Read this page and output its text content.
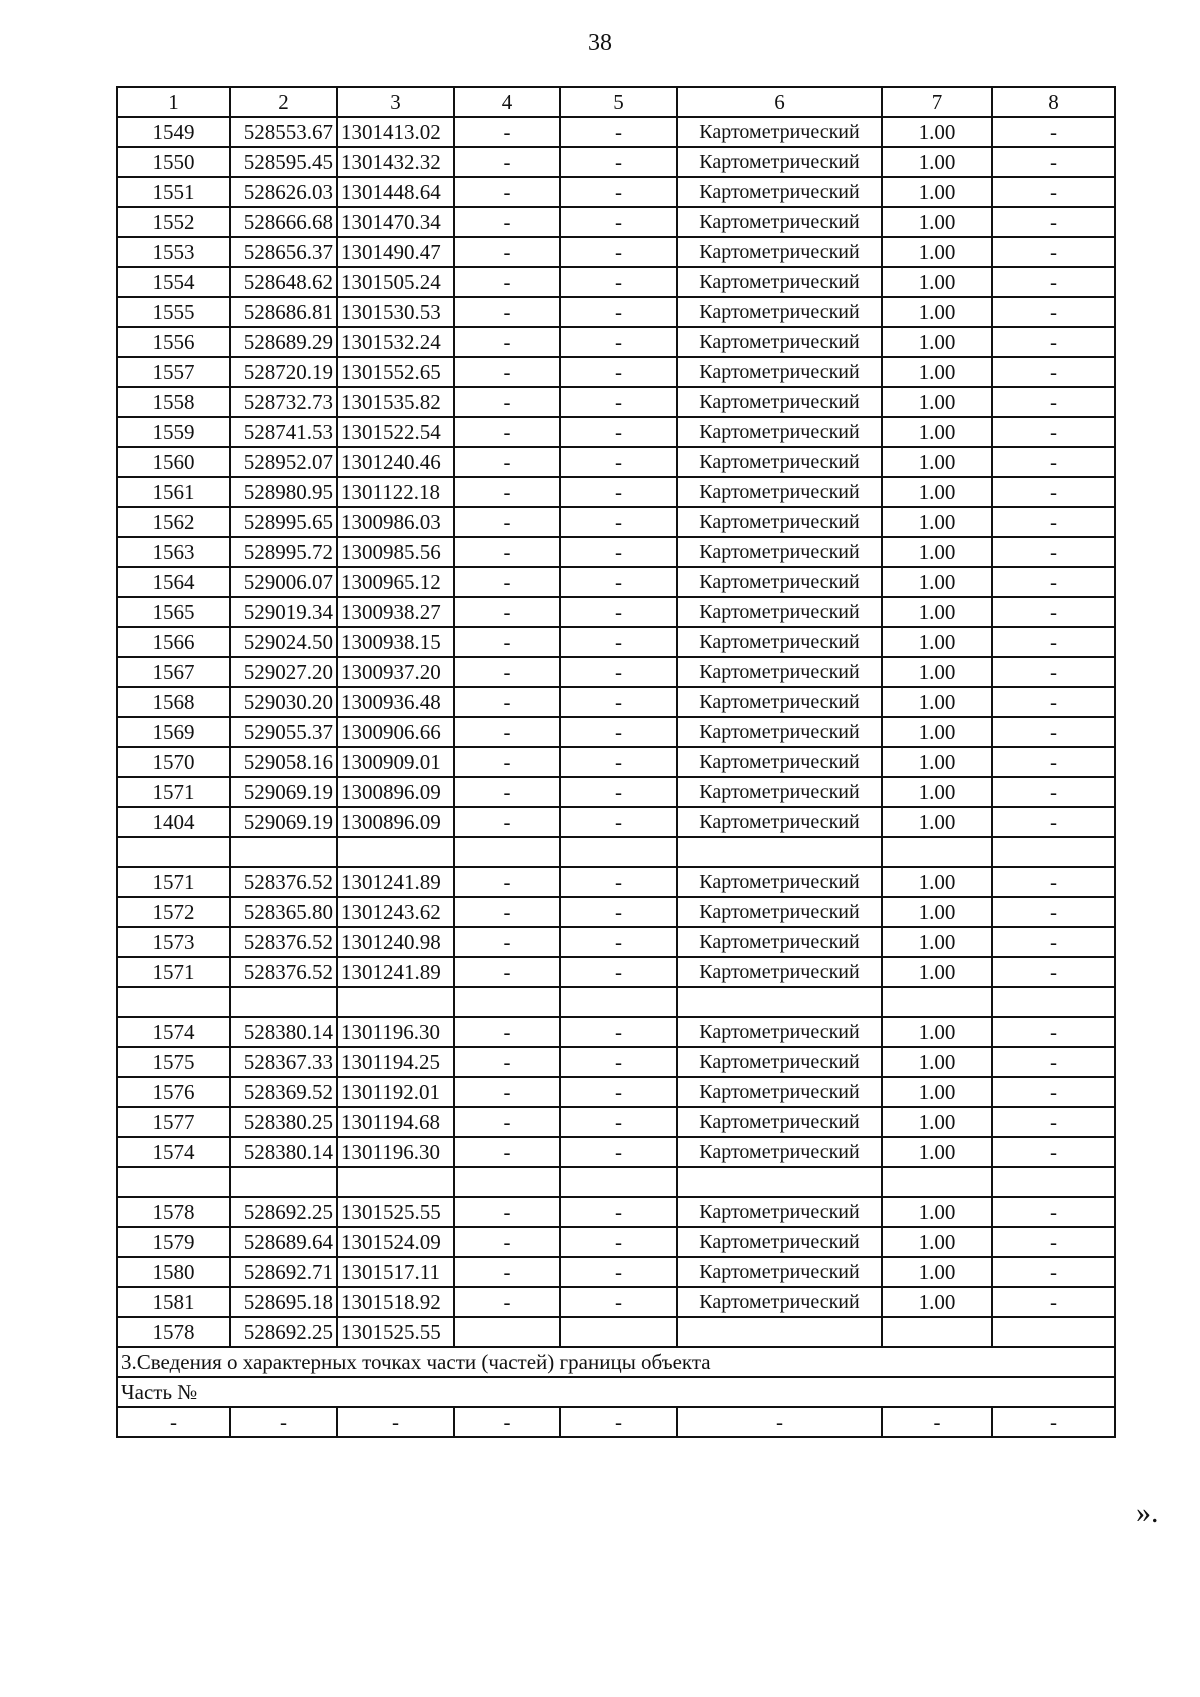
38
1	2	3	4	5	6	7	8
1549	528553.67	1301413.02	-	-	Картометрический	1.00	-
1550	528595.45	1301432.32	-	-	Картометрический	1.00	-
1551	528626.03	1301448.64	-	-	Картометрический	1.00	-
1552	528666.68	1301470.34	-	-	Картометрический	1.00	-
1553	528656.37	1301490.47	-	-	Картометрический	1.00	-
1554	528648.62	1301505.24	-	-	Картометрический	1.00	-
1555	528686.81	1301530.53	-	-	Картометрический	1.00	-
1556	528689.29	1301532.24	-	-	Картометрический	1.00	-
1557	528720.19	1301552.65	-	-	Картометрический	1.00	-
1558	528732.73	1301535.82	-	-	Картометрический	1.00	-
1559	528741.53	1301522.54	-	-	Картометрический	1.00	-
1560	528952.07	1301240.46	-	-	Картометрический	1.00	-
1561	528980.95	1301122.18	-	-	Картометрический	1.00	-
1562	528995.65	1300986.03	-	-	Картометрический	1.00	-
1563	528995.72	1300985.56	-	-	Картометрический	1.00	-
1564	529006.07	1300965.12	-	-	Картометрический	1.00	-
1565	529019.34	1300938.27	-	-	Картометрический	1.00	-
1566	529024.50	1300938.15	-	-	Картометрический	1.00	-
1567	529027.20	1300937.20	-	-	Картометрический	1.00	-
1568	529030.20	1300936.48	-	-	Картометрический	1.00	-
1569	529055.37	1300906.66	-	-	Картометрический	1.00	-
1570	529058.16	1300909.01	-	-	Картометрический	1.00	-
1571	529069.19	1300896.09	-	-	Картометрический	1.00	-
1404	529069.19	1300896.09	-	-	Картометрический	1.00	-

1571	528376.52	1301241.89	-	-	Картометрический	1.00	-
1572	528365.80	1301243.62	-	-	Картометрический	1.00	-
1573	528376.52	1301240.98	-	-	Картометрический	1.00	-
1571	528376.52	1301241.89	-	-	Картометрический	1.00	-

1574	528380.14	1301196.30	-	-	Картометрический	1.00	-
1575	528367.33	1301194.25	-	-	Картометрический	1.00	-
1576	528369.52	1301192.01	-	-	Картометрический	1.00	-
1577	528380.25	1301194.68	-	-	Картометрический	1.00	-
1574	528380.14	1301196.30	-	-	Картометрический	1.00	-

1578	528692.25	1301525.55	-	-	Картометрический	1.00	-
1579	528689.64	1301524.09	-	-	Картометрический	1.00	-
1580	528692.71	1301517.11	-	-	Картометрический	1.00	-
1581	528695.18	1301518.92	-	-	Картометрический	1.00	-
1578	528692.25	1301525.55					
3.Сведения о характерных точках части (частей) границы объекта							
Часть №							
-	-	-	-	-	-	-	-
».
